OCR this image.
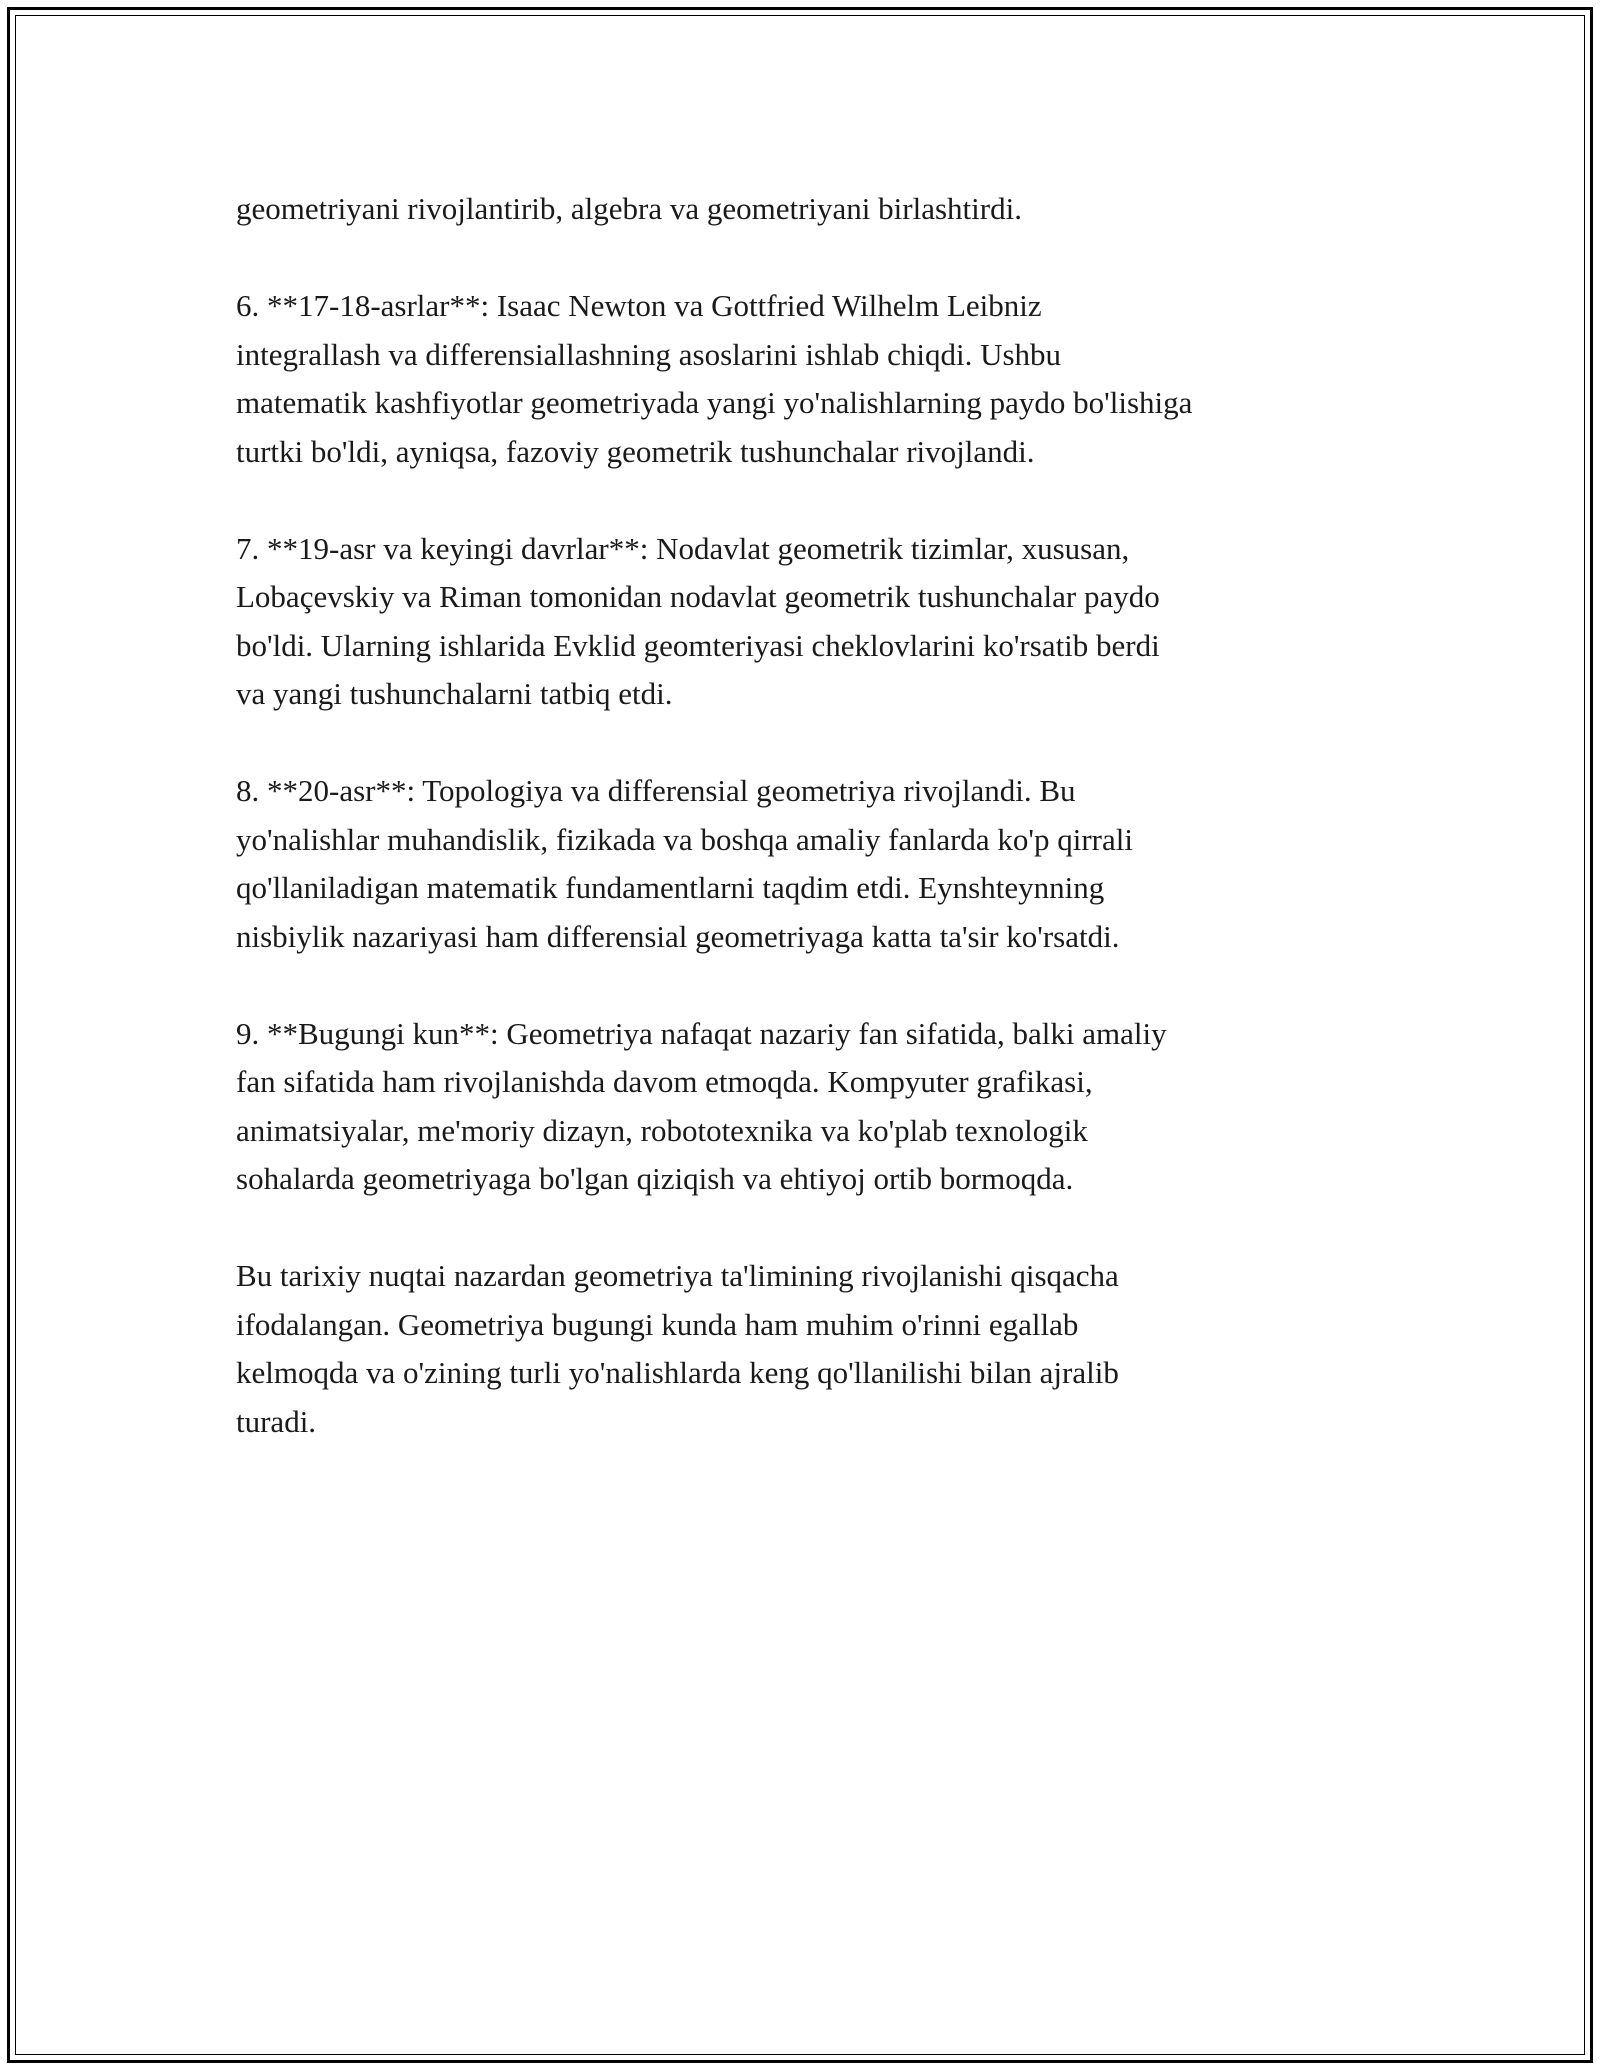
geometriyani rivojlantirib, algebra va geometriyani birlashtirdi.

6. **17-18-asrlar**: Isaac Newton va Gottfried Wilhelm Leibniz
integrallash va differensiallashning asoslarini ishlab chiqdi. Ushbu
matematik kashfiyotlar geometriyada yangi yo'nalishlarning paydo bo'lishiga
turtki bo'ldi, ayniqsa, fazoviy geometrik tushunchalar rivojlandi.

7. **19-asr va keyingi davrlar**: Nodavlat geometrik tizimlar, xususan,
Lobaçevskiy va Riman tomonidan nodavlat geometrik tushunchalar paydo
bo'ldi. Ularning ishlarida Evklid geomteriyasi cheklovlarini ko'rsatib berdi
va yangi tushunchalarni tatbiq etdi.

8. **20-asr**: Topologiya va differensial geometriya rivojlandi. Bu
yo'nalishlar muhandislik, fizikada va boshqa amaliy fanlarda ko'p qirrali
qo'llaniladigan matematik fundamentlarni taqdim etdi. Eynshteynning
nisbiylik nazariyasi ham differensial geometriyaga katta ta'sir ko'rsatdi.

9. **Bugungi kun**: Geometriya nafaqat nazariy fan sifatida, balki amaliy
fan sifatida ham rivojlanishda davom etmoqda. Kompyuter grafikasi,
animatsiyalar, me'moriy dizayn, robototexnika va ko'plab texnologik
sohalarda geometriyaga bo'lgan qiziqish va ehtiyoj ortib bormoqda.

Bu tarixiy nuqtai nazardan geometriya ta'limining rivojlanishi qisqacha
ifodalangan. Geometriya bugungi kunda ham muhim o'rinni egallab
kelmoqda va o'zining turli yo'nalishlarda keng qo'llanilishi bilan ajralib
turadi.
